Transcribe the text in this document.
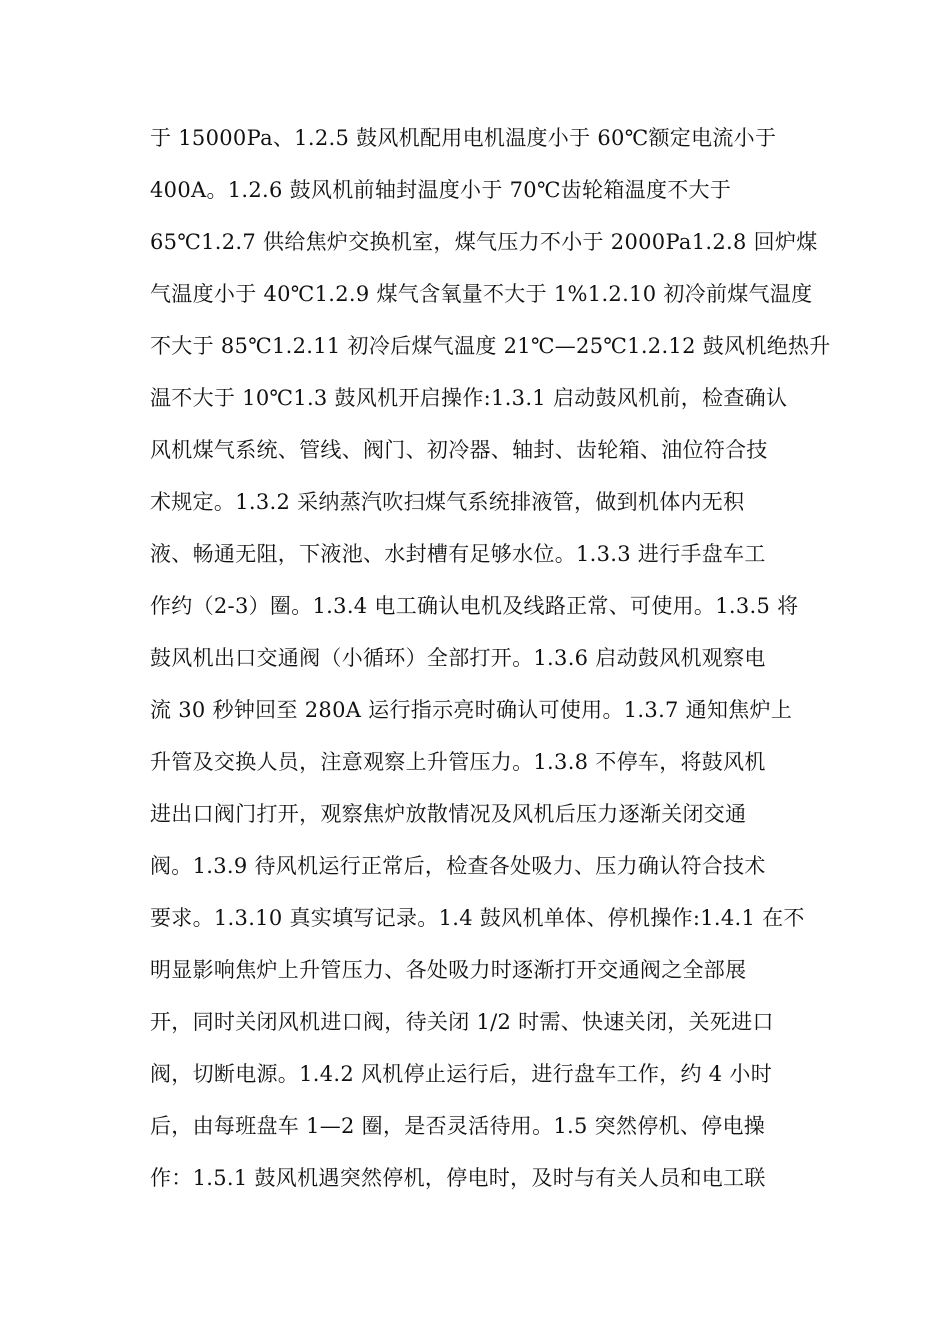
于 15000Pa、1.2.5 鼓风机配用电机温度小于 60℃额定电流小于
400A。1.2.6 鼓风机前轴封温度小于 70℃齿轮箱温度不大于
65℃1.2.7 供给焦炉交换机室，煤气压力不小于 2000Pa1.2.8 回炉煤
气温度小于 40℃1.2.9 煤气含氧量不大于 1%1.2.10 初冷前煤气温度
不大于 85℃1.2.11 初冷后煤气温度 21℃—25℃1.2.12 鼓风机绝热升
温不大于 10℃1.3 鼓风机开启操作:1.3.1 启动鼓风机前，检查确认
风机煤气系统、管线、阀门、初冷器、轴封、齿轮箱、油位符合技
术规定。1.3.2 采纳蒸汽吹扫煤气系统排液管，做到机体内无积
液、畅通无阻，下液池、水封槽有足够水位。1.3.3 进行手盘车工
作约（2-3）圈。1.3.4 电工确认电机及线路正常、可使用。1.3.5 将
鼓风机出口交通阀（小循环）全部打开。1.3.6 启动鼓风机观察电
流 30 秒钟回至 280A 运行指示亮时确认可使用。1.3.7 通知焦炉上
升管及交换人员，注意观察上升管压力。1.3.8 不停车，将鼓风机
进出口阀门打开，观察焦炉放散情况及风机后压力逐渐关闭交通
阀。1.3.9 待风机运行正常后，检查各处吸力、压力确认符合技术
要求。1.3.10 真实填写记录。1.4 鼓风机单体、停机操作:1.4.1 在不
明显影响焦炉上升管压力、各处吸力时逐渐打开交通阀之全部展
开，同时关闭风机进口阀，待关闭 1/2 时需、快速关闭，关死进口
阀，切断电源。1.4.2 风机停止运行后，进行盘车工作，约 4 小时
后，由每班盘车 1—2 圈，是否灵活待用。1.5 突然停机、停电操
作：1.5.1 鼓风机遇突然停机，停电时，及时与有关人员和电工联
